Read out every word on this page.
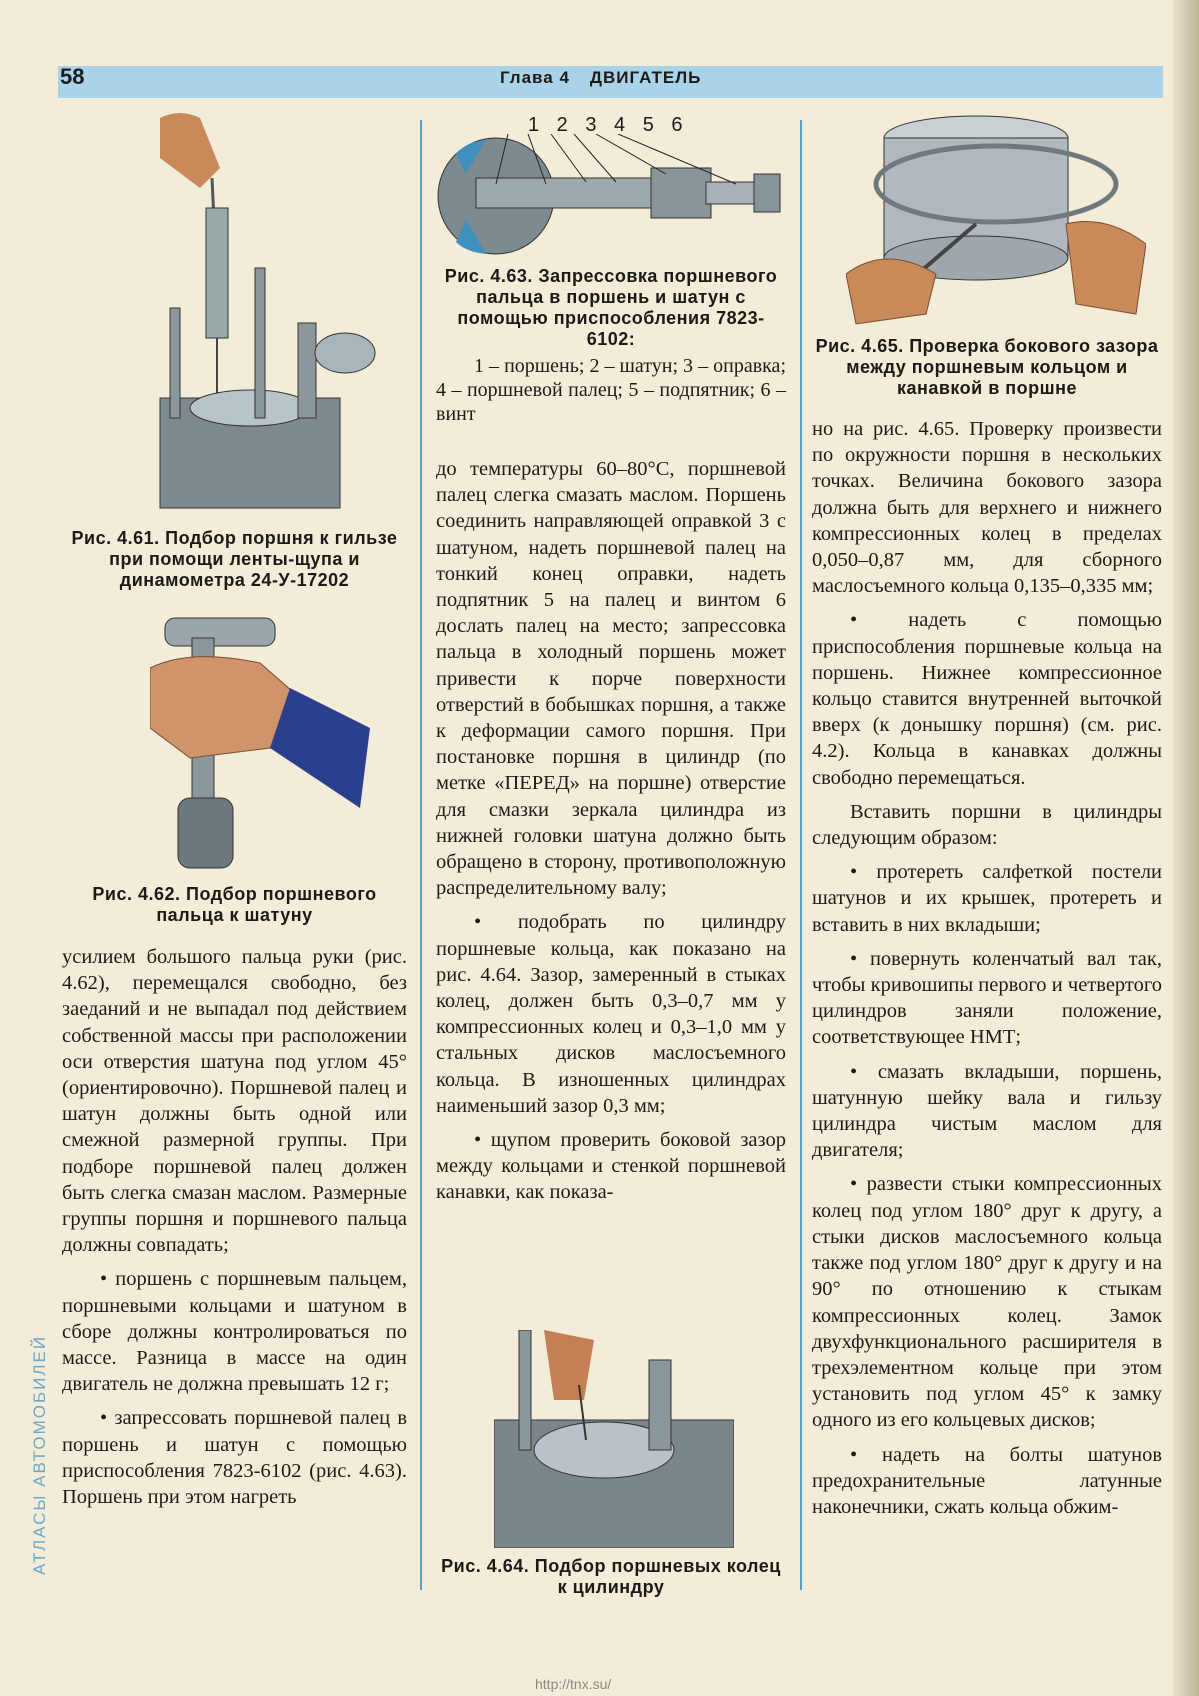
58	Глава 4 ДВИГАТЕЛЬ
Рис. 4.61. Подбор поршня к гильзе при помощи ленты-щупа и динамометра 24-У-17202
Рис. 4.62. Подбор поршневого пальца к шатуну

усилием большого пальца руки (рис. 4.62), перемещался свободно, без заеданий и не выпадал под действием собственной массы при расположении оси отверстия шатуна под углом 45° (ориентировочно). Поршневой палец и шатун должны быть одной или смежной размерной группы. При подборе поршневой палец должен быть слегка смазан маслом. Размерные группы поршня и поршневого пальца должны совпадать;

• поршень с поршневым пальцем, поршневыми кольцами и шатуном в сборе должны контролироваться по массе. Разница в массе на один двигатель не должна превышать 12 г;

• запрессовать поршневой палец в поршень и шатун с помощью приспособления 7823-6102 (рис. 4.63). Поршень при этом нагреть

1 2 3 4 5 6
Рис. 4.63. Запрессовка поршневого пальца в поршень и шатун с помощью приспособления 7823-6102:
1 – поршень; 2 – шатун; 3 – оправка; 4 – поршневой палец; 5 – подпятник; 6 – винт

до температуры 60–80°С, поршневой палец слегка смазать маслом. Поршень соединить направляющей оправкой 3 с шатуном, надеть поршневой палец на тонкий конец оправки, надеть подпятник 5 на палец и винтом 6 дослать палец на место; запрессовка пальца в холодный поршень может привести к порче поверхности отверстий в бобышках поршня, а также к деформации самого поршня. При постановке поршня в цилиндр (по метке «ПЕРЕД» на поршне) отверстие для смазки зеркала цилиндра из нижней головки шатуна должно быть обращено в сторону, противоположную распределительному валу;

• подобрать по цилиндру поршневые кольца, как показано на рис. 4.64. Зазор, замеренный в стыках колец, должен быть 0,3–0,7 мм у компрессионных колец и 0,3–1,0 мм у стальных дисков маслосъемного кольца. В изношенных цилиндрах наименьший зазор 0,3 мм;

• щупом проверить боковой зазор между кольцами и стенкой поршневой канавки, как показа-

Рис. 4.64. Подбор поршневых колец к цилиндру
Рис. 4.65. Проверка бокового зазора между поршневым кольцом и канавкой в поршне

но на рис. 4.65. Проверку произвести по окружности поршня в нескольких точках. Величина бокового зазора должна быть для верхнего и нижнего компрессионных колец в пределах 0,050–0,87 мм, для сборного маслосъемного кольца 0,135–0,335 мм;

• надеть с помощью приспособления поршневые кольца на поршень. Нижнее компрессионное кольцо ставится внутренней выточкой вверх (к донышку поршня) (см. рис. 4.2). Кольца в канавках должны свободно перемещаться.

Вставить поршни в цилиндры следующим образом:

• протереть салфеткой постели шатунов и их крышек, протереть и вставить в них вкладыши;

• повернуть коленчатый вал так, чтобы кривошипы первого и четвертого цилиндров заняли положение, соответствующее НМТ;

• смазать вкладыши, поршень, шатунную шейку вала и гильзу цилиндра чистым маслом для двигателя;

• развести стыки компрессионных колец под углом 180° друг к другу, а стыки дисков маслосъемного кольца также под углом 180° друг к другу и на 90° по отношению к стыкам компрессионных колец. Замок двухфункционального расширителя в трехэлементном кольце при этом установить под углом 45° к замку одного из его кольцевых дисков;

• надеть на болты шатунов предохранительные латунные наконечники, сжать кольца обжим-

АТЛАСЫ АВТОМОБИЛЕЙ
http://tnx.su/
